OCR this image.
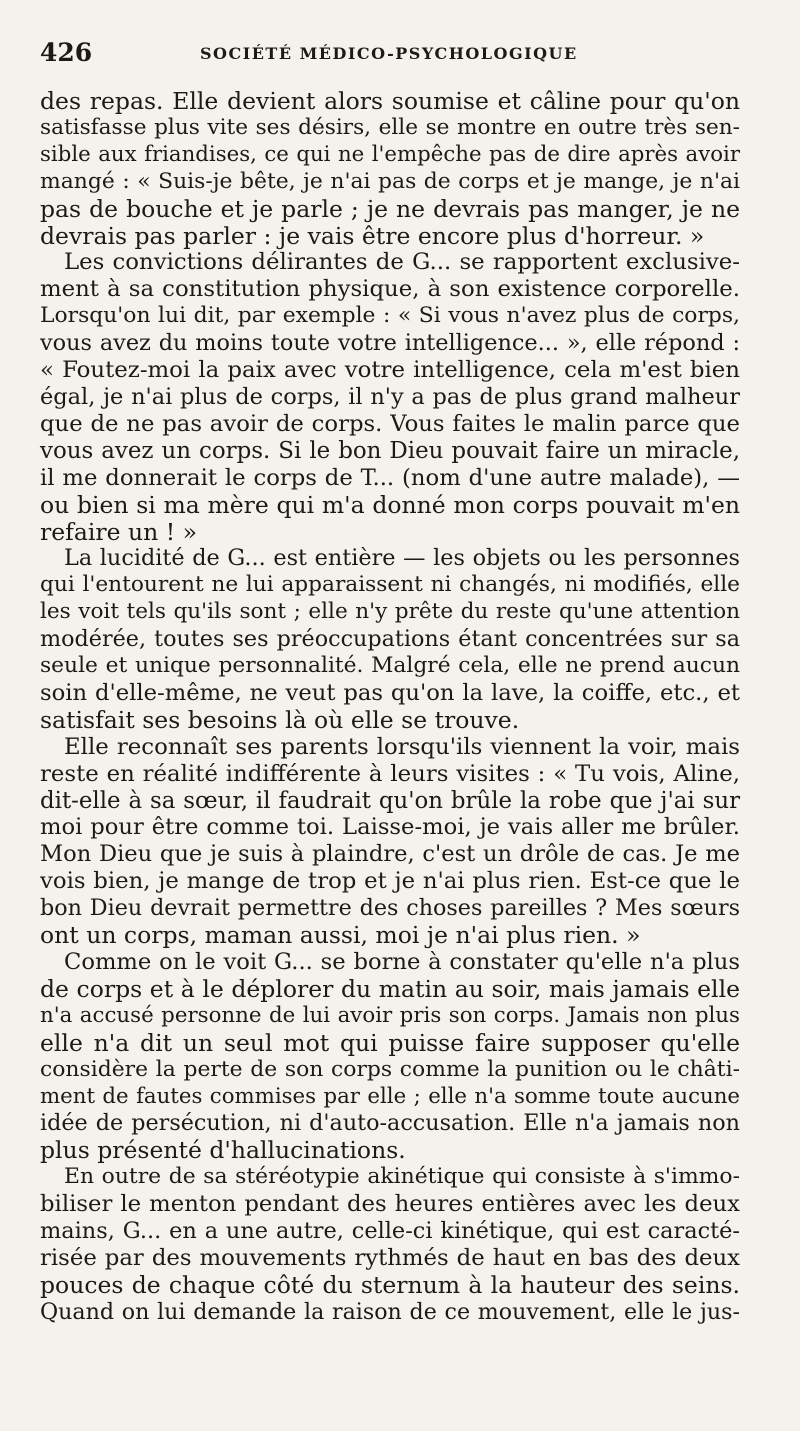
426	SOCIÉTÉ MÉDICO-PSYCHOLOGIQUE
des repas. Elle devient alors soumise et câline pour qu'on
satisfasse plus vite ses désirs, elle se montre en outre très sen-
sible aux friandises, ce qui ne l'empêche pas de dire après avoir
mangé : « Suis-je bête, je n'ai pas de corps et je mange, je n'ai
pas de bouche et je parle ; je ne devrais pas manger, je ne
devrais pas parler : je vais être encore plus d'horreur. »
Les convictions délirantes de G... se rapportent exclusive-
ment à sa constitution physique, à son existence corporelle.
Lorsqu'on lui dit, par exemple : « Si vous n'avez plus de corps,
vous avez du moins toute votre intelligence... », elle répond :
« Foutez-moi la paix avec votre intelligence, cela m'est bien
égal, je n'ai plus de corps, il n'y a pas de plus grand malheur
que de ne pas avoir de corps. Vous faites le malin parce que
vous avez un corps. Si le bon Dieu pouvait faire un miracle,
il me donnerait le corps de T... (nom d'une autre malade), —
ou bien si ma mère qui m'a donné mon corps pouvait m'en
refaire un ! »
La lucidité de G... est entière — les objets ou les personnes
qui l'entourent ne lui apparaissent ni changés, ni modifiés, elle
les voit tels qu'ils sont ; elle n'y prête du reste qu'une attention
modérée, toutes ses préoccupations étant concentrées sur sa
seule et unique personnalité. Malgré cela, elle ne prend aucun
soin d'elle-même, ne veut pas qu'on la lave, la coiffe, etc., et
satisfait ses besoins là où elle se trouve.
Elle reconnaît ses parents lorsqu'ils viennent la voir, mais
reste en réalité indifférente à leurs visites : « Tu vois, Aline,
dit-elle à sa sœur, il faudrait qu'on brûle la robe que j'ai sur
moi pour être comme toi. Laisse-moi, je vais aller me brûler.
Mon Dieu que je suis à plaindre, c'est un drôle de cas. Je me
vois bien, je mange de trop et je n'ai plus rien. Est-ce que le
bon Dieu devrait permettre des choses pareilles ? Mes sœurs
ont un corps, maman aussi, moi je n'ai plus rien. »
Comme on le voit G... se borne à constater qu'elle n'a plus
de corps et à le déplorer du matin au soir, mais jamais elle
n'a accusé personne de lui avoir pris son corps. Jamais non plus
elle n'a dit un seul mot qui puisse faire supposer qu'elle
considère la perte de son corps comme la punition ou le châti-
ment de fautes commises par elle ; elle n'a somme toute aucune
idée de persécution, ni d'auto-accusation. Elle n'a jamais non
plus présenté d'hallucinations.
En outre de sa stéréotypie akinétique qui consiste à s'immo-
biliser le menton pendant des heures entières avec les deux
mains, G... en a une autre, celle-ci kinétique, qui est caracté-
risée par des mouvements rythmés de haut en bas des deux
pouces de chaque côté du sternum à la hauteur des seins.
Quand on lui demande la raison de ce mouvement, elle le jus-
